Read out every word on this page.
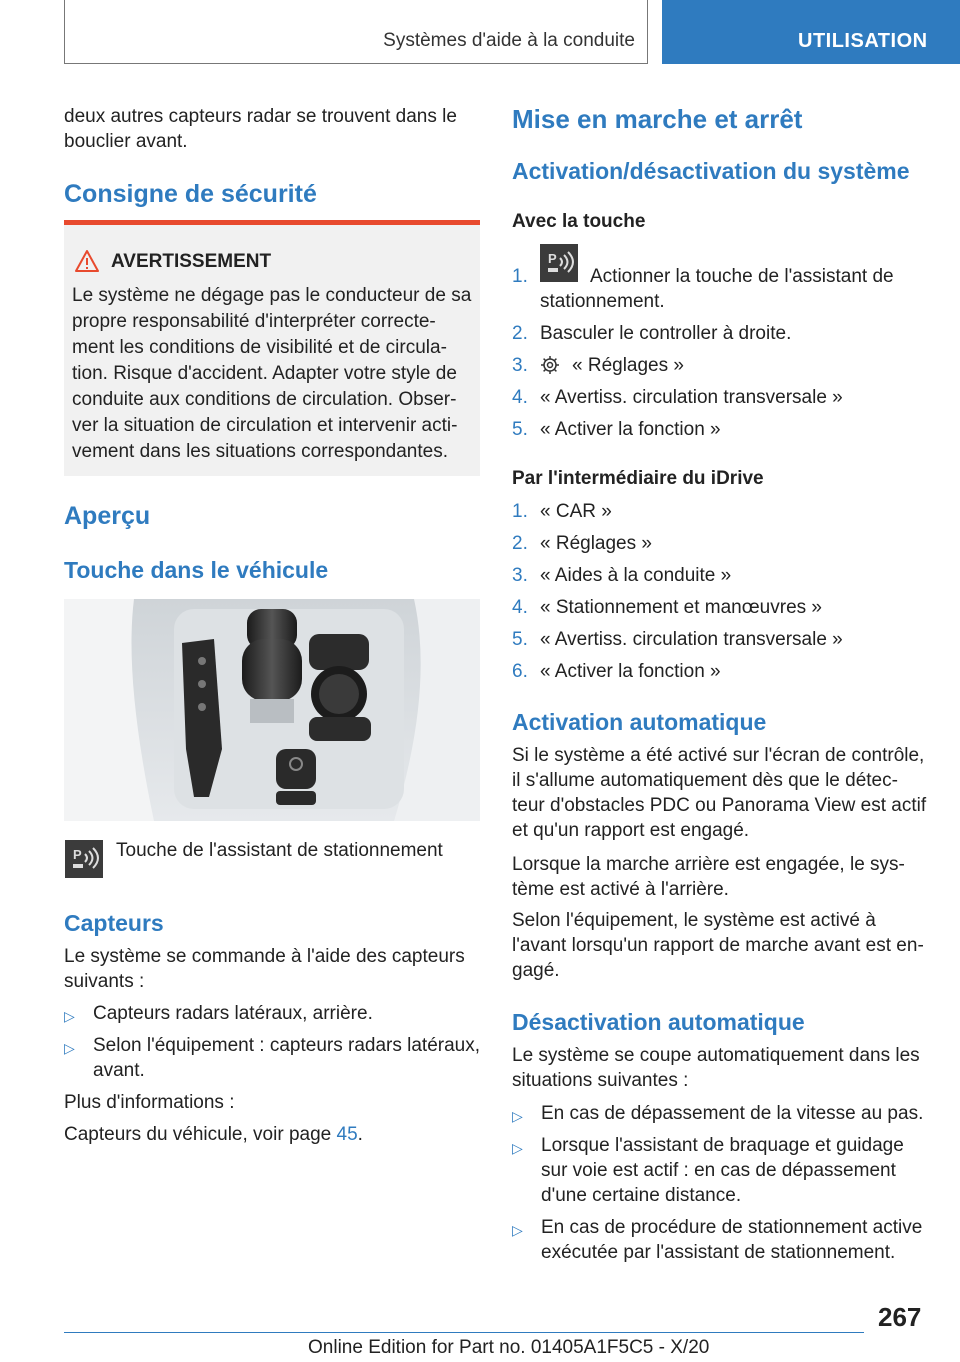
Systèmes d'aide à la conduite	UTILISATION
deux autres capteurs radar se trouvent dans le
bouclier avant.
Consigne de sécurité
AVERTISSEMENT
Le système ne dégage pas le conducteur de sa
propre responsabilité d'interpréter correcte-
ment les conditions de visibilité et de circula-
tion. Risque d'accident. Adapter votre style de
conduite aux conditions de circulation. Obser-
ver la situation de circulation et intervenir acti-
vement dans les situations correspondantes.
Aperçu
Touche dans le véhicule
P Touche de l'assistant de stationnement
Capteurs
Le système se commande à l'aide des capteurs
suivants :
▷ Capteurs radars latéraux, arrière.
▷ Selon l'équipement : capteurs radars latéraux,
avant.
Plus d'informations :
Capteurs du véhicule, voir page 45.
Mise en marche et arrêt
Activation/désactivation du système
Avec la touche
1.
P
Actionner la touche de l'assistant de
stationnement.
2. Basculer le controller à droite.
3. « Réglages »
4. « Avertiss. circulation transversale »
5. « Activer la fonction »
Par l'intermédiaire du iDrive
1. « CAR »
2. « Réglages »
3. « Aides à la conduite »
4. « Stationnement et manœuvres »
5. « Avertiss. circulation transversale »
6. « Activer la fonction »
Activation automatique
Si le système a été activé sur l'écran de contrôle,
il s'allume automatiquement dès que le détec-
teur d'obstacles PDC ou Panorama View est actif
et qu'un rapport est engagé.
Lorsque la marche arrière est engagée, le sys-
tème est activé à l'arrière.
Selon l'équipement, le système est activé à
l'avant lorsqu'un rapport de marche avant est en-
gagé.
Désactivation automatique
Le système se coupe automatiquement dans les
situations suivantes :
▷ En cas de dépassement de la vitesse au pas.
▷ Lorsque l'assistant de braquage et guidage
sur voie est actif : en cas de dépassement
d'une certaine distance.
▷ En cas de procédure de stationnement active
exécutée par l'assistant de stationnement.
267
Online Edition for Part no. 01405A1F5C5 - X/20
